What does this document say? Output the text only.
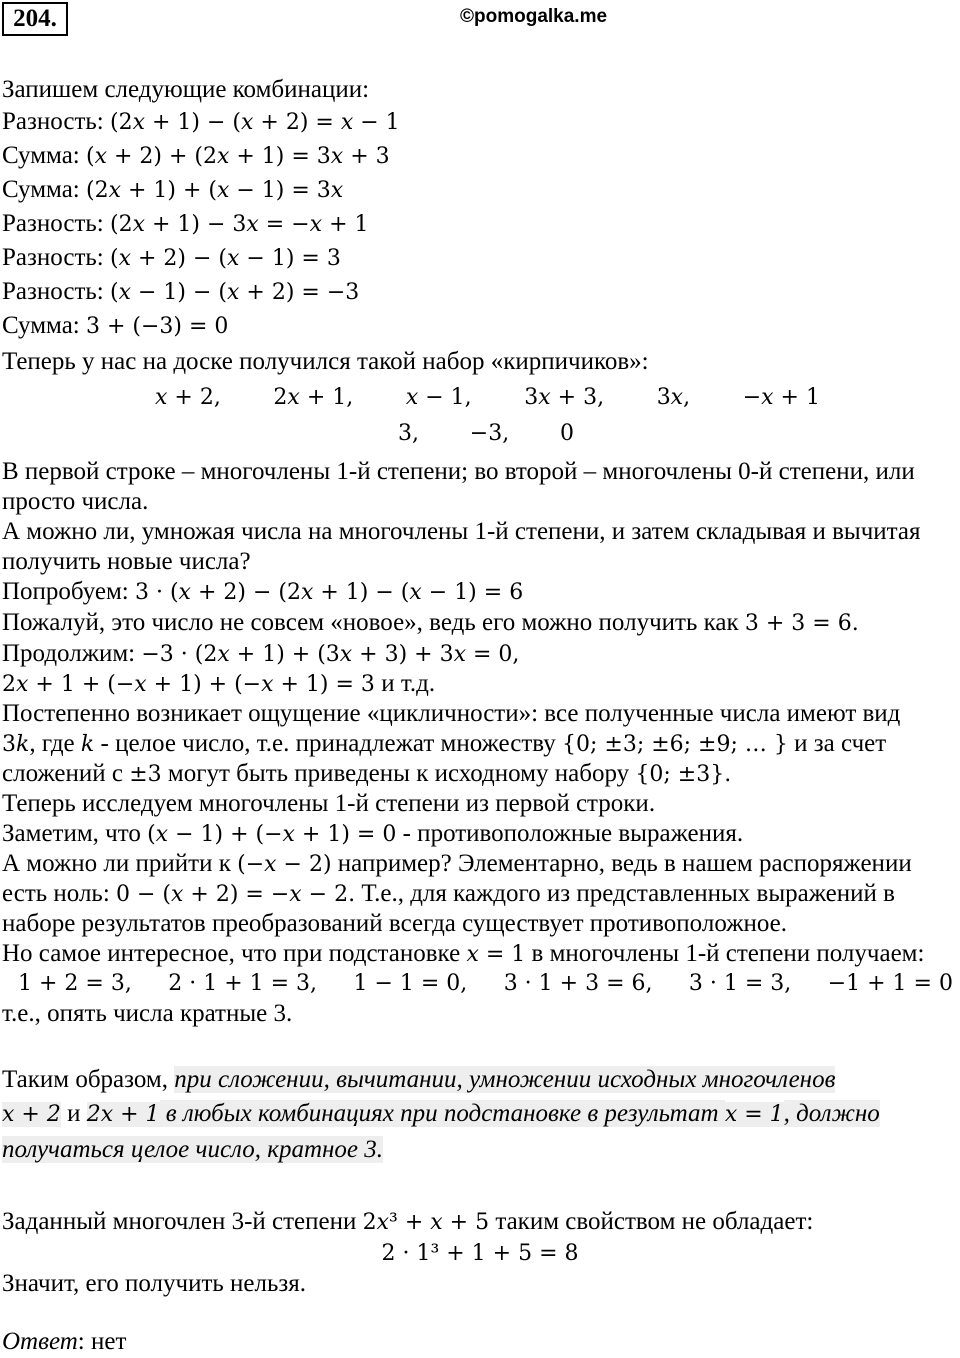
204.	©pomogalka.me
Запишем следующие комбинации:
Разность: (2𝑥 + 1) − (𝑥 + 2) = 𝑥 − 1
Сумма: (𝑥 + 2) + (2𝑥 + 1) = 3𝑥 + 3
Сумма: (2𝑥 + 1) + (𝑥 − 1) = 3𝑥
Разность: (2𝑥 + 1) − 3𝑥 = −𝑥 + 1
Разность: (𝑥 + 2) − (𝑥 − 1) = 3
Разность: (𝑥 − 1) − (𝑥 + 2) = −3
Сумма: 3 + (−3) = 0
Теперь у нас на доске получился такой набор «кирпичиков»:
𝑥 + 2, 2𝑥 + 1, 𝑥 − 1, 3𝑥 + 3, 3𝑥, −𝑥 + 1
3, −3, 0
В первой строке – многочлены 1-й степени; во второй – многочлены 0-й степени, или
просто числа.
А можно ли, умножая числа на многочлены 1-й степени, и затем складывая и вычитая
получить новые числа?
Попробуем: 3 · (𝑥 + 2) − (2𝑥 + 1) − (𝑥 − 1) = 6
Пожалуй, это число не совсем «новое», ведь его можно получить как 3 + 3 = 6.
Продолжим: −3 · (2𝑥 + 1) + (3𝑥 + 3) + 3𝑥 = 0,
2𝑥 + 1 + (−𝑥 + 1) + (−𝑥 + 1) = 3 и т.д.
Постепенно возникает ощущение «цикличности»: все полученные числа имеют вид
3𝑘, где 𝑘 - целое число, т.е. принадлежат множеству {0; ±3; ±6; ±9; … } и за счет
сложений с ±3 могут быть приведены к исходному набору {0; ±3}.
Теперь исследуем многочлены 1-й степени из первой строки.
Заметим, что (𝑥 − 1) + (−𝑥 + 1) = 0 - противоположные выражения.
А можно ли прийти к (−𝑥 − 2) например? Элементарно, ведь в нашем распоряжении
есть ноль: 0 − (𝑥 + 2) = −𝑥 − 2. Т.е., для каждого из представленных выражений в
наборе результатов преобразований всегда существует противоположное.
Но самое интересное, что при подстановке 𝑥 = 1 в многочлены 1-й степени получаем:
1 + 2 = 3, 2 · 1 + 1 = 3, 1 − 1 = 0, 3 · 1 + 3 = 6, 3 · 1 = 3, −1 + 1 = 0
т.е., опять числа кратные 3.
Таким образом, при сложении, вычитании, умножении исходных многочленов
𝑥 + 2 и 2𝑥 + 1 в любых комбинациях при подстановке в результат 𝑥 = 1, должно
получаться целое число, кратное 3.
Заданный многочлен 3-й степени 2𝑥³ + 𝑥 + 5 таким свойством не обладает:
2 · 1³ + 1 + 5 = 8
Значит, его получить нельзя.
Ответ: нет
